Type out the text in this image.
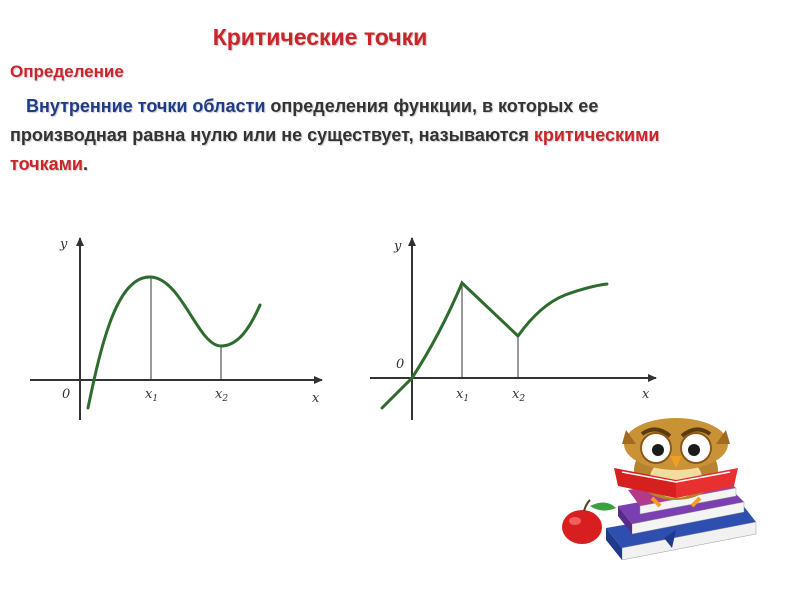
Критические точки
Определение
Внутренние точки области определения функции, в которых ее производная равна нулю или не существует, называются критическими точками.
y
x
0	$x_1$	$x_2$
y
x
0
$x_1$	$x_2$
